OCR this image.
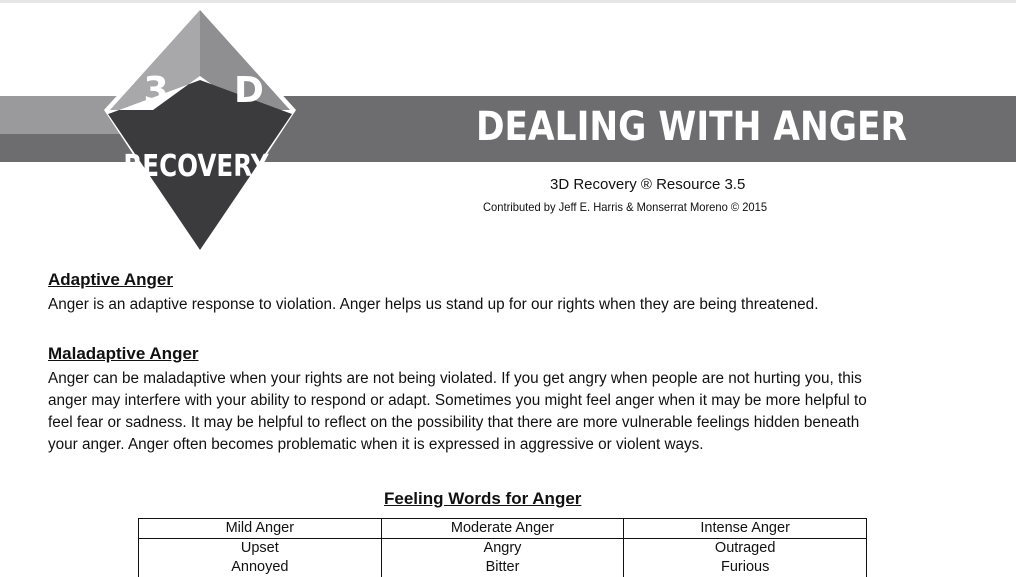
3 D
RECOVERY
®
DEALING WITH ANGER
3D Recovery ® Resource 3.5
Contributed by Jeff E. Harris & Monserrat Moreno © 2015
Adaptive Anger
Anger is an adaptive response to violation. Anger helps us stand up for our rights when they are being threatened.
Maladaptive Anger
Anger can be maladaptive when your rights are not being violated. If you get angry when people are not hurting you, this
anger may interfere with your ability to respond or adapt. Sometimes you might feel anger when it may be more helpful to
feel fear or sadness. It may be helpful to reflect on the possibility that there are more vulnerable feelings hidden beneath
your anger. Anger often becomes problematic when it is expressed in aggressive or violent ways.
Feeling Words for Anger
Mild Anger	Moderate Anger	Intense Anger
Upset	Angry	Outraged
Annoyed	Bitter	Furious
